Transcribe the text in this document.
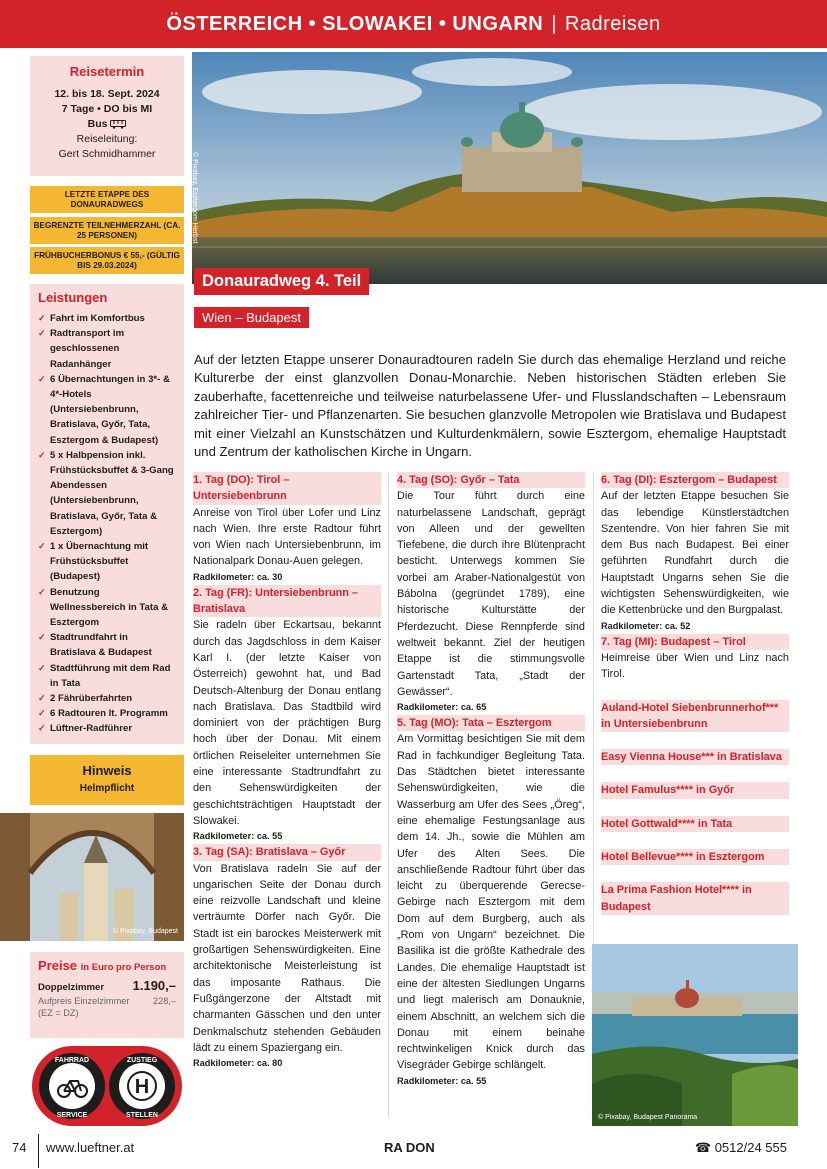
ÖSTERREICH • SLOWAKEI • UNGARN | Radreisen
Reisetermin
12. bis 18. Sept. 2024
7 Tage • DO bis MI
Bus
Reiseleitung:
Gert Schmidhammer
LETZTE ETAPPE DES DONAURADWEGS
BEGRENZTE TEILNEHMERZAHL (CA. 25 PERSONEN)
FRÜHBUCHERBONUS € 55,- (GÜLTIG BIS 29.03.2024)
Leistungen
✓ Fahrt im Komfortbus
✓ Radtransport im geschlossenen Radanhänger
✓ 6 Übernachtungen in 3*- & 4*-Hotels (Untersiebenbrunn, Bratislava, Győr, Tata, Esztergom & Budapest)
✓ 5 x Halbpension inkl. Frühstücksbuffet & 3-Gang Abendessen (Untersiebenbrunn, Bratislava, Győr, Tata & Esztergom)
✓ 1 x Übernachtung mit Frühstücksbuffet (Budapest)
✓ Benutzung Wellnessbereich in Tata & Esztergom
✓ Stadtrundfahrt in Bratislava & Budapest
✓ Stadtführung mit dem Rad in Tata
✓ 2 Fährüberfahrten
✓ 6 Radtouren lt. Programm
✓ Lüftner-Radführer
Hinweis
Helmpflicht
© Pixabay, Budapest
Preise in Euro pro Person
Doppelzimmer 1.190,–
Aufpreis Einzelzimmer	228,–
(EZ = DZ)
H
FAHRRAD
SERVICE
ZUSTIEG
STELLEN
© Pixabay, Esztergom Herbst
Donauradweg 4. Teil
Wien – Budapest
Auf der letzten Etappe unserer Donauradtouren radeln Sie durch das ehemalige Herzland und reiche Kulturerbe der einst glanzvollen Donau-Monarchie. Neben historischen Städten erleben Sie zauberhafte, facettenreiche und teilweise naturbelassene Ufer- und Flusslandschaften – Lebensraum zahlreicher Tier- und Pflanzenarten. Sie besuchen glanzvolle Metropolen wie Bratislava und Budapest mit einer Vielzahl an Kunstschätzen und Kulturdenkmälern, sowie Esztergom, ehemalige Hauptstadt und Zentrum der katholischen Kirche in Ungarn.
1. Tag (DO): Tirol – Untersiebenbrunn
Anreise von Tirol über Lofer und Linz nach Wien. Ihre erste Radtour führt von Wien nach Untersiebenbrunn, im Nationalpark Donau-Auen gelegen.
Radkilometer: ca. 30
2. Tag (FR): Untersiebenbrunn – Bratislava
Sie radeln über Eckartsau, bekannt durch das Jagdschloss in dem Kaiser Karl I. (der letzte Kaiser von Österreich) gewohnt hat, und Bad Deutsch-Altenburg der Donau entlang nach Bratislava. Das Stadtbild wird dominiert von der prächtigen Burg hoch über der Donau. Mit einem örtlichen Reiseleiter unternehmen Sie eine interessante Stadtrundfahrt zu den Sehenswürdigkeiten der geschichtsträchtigen Hauptstadt der Slowakei.
Radkilometer: ca. 55
3. Tag (SA): Bratislava – Győr
Von Bratislava radeln Sie auf der ungarischen Seite der Donau durch eine reizvolle Landschaft und kleine verträumte Dörfer nach Győr. Die Stadt ist ein barockes Meisterwerk mit großartigen Sehenswürdigkeiten. Eine architektonische Meisterleistung ist das imposante Rathaus. Die Fußgängerzone der Altstadt mit charmanten Gässchen und den unter Denkmalschutz stehenden Gebäuden lädt zu einem Spaziergang ein.
Radkilometer: ca. 80
4. Tag (SO): Győr – Tata
Die Tour führt durch eine naturbelassene Landschaft, geprägt von Alleen und der gewellten Tiefebene, die durch ihre Blütenpracht besticht. Unterwegs kommen Sie vorbei am Araber-Nationalgestüt von Bábolna (gegründet 1789), eine historische Kulturstätte der Pferdezucht. Diese Rennpferde sind weltweit bekannt. Ziel der heutigen Etappe ist die stimmungsvolle Gartenstadt Tata, „Stadt der Gewässer“.
Radkilometer: ca. 65
5. Tag (MO): Tata – Esztergom
Am Vormittag besichtigen Sie mit dem Rad in fachkundiger Begleitung Tata. Das Städtchen bietet interessante Sehenswürdigkeiten, wie die Wasserburg am Ufer des Sees „Öreg“, eine ehemalige Festungsanlage aus dem 14. Jh., sowie die Mühlen am Ufer des Alten Sees. Die anschließende Radtour führt über das leicht zu überquerende Gerecse-Gebirge nach Esztergom mit dem Dom auf dem Burgberg, auch als „Rom von Ungarn“ bezeichnet. Die Basilika ist die größte Kathedrale des Landes. Die ehemalige Hauptstadt ist eine der ältesten Siedlungen Ungarns und liegt malerisch am Donauknie, einem Abschnitt, an welchem sich die Donau mit einem beinahe rechtwinkeligen Knick durch das Visegráder Gebirge schlängelt.
Radkilometer: ca. 55
6. Tag (DI): Esztergom – Budapest
Auf der letzten Etappe besuchen Sie das lebendige Künstlerstädtchen Szentendre. Von hier fahren Sie mit dem Bus nach Budapest. Bei einer geführten Rundfahrt durch die Hauptstadt Ungarns sehen Sie die wichtigsten Sehenswürdigkeiten, wie die Kettenbrücke und den Burgpalast.
Radkilometer: ca. 52
7. Tag (MI): Budapest – Tirol
Heimreise über Wien und Linz nach Tirol.
Auland-Hotel Siebenbrunnerhof*** in Untersiebenbrunn
Easy Vienna House*** in Bratislava
Hotel Famulus**** in Győr
Hotel Gottwald**** in Tata
Hotel Bellevue**** in Esztergom
La Prima Fashion Hotel**** in Budapest
© Pixabay, Budapest Panorama
74 www.lueftner.at	RA DON	☎ 0512/24 555
